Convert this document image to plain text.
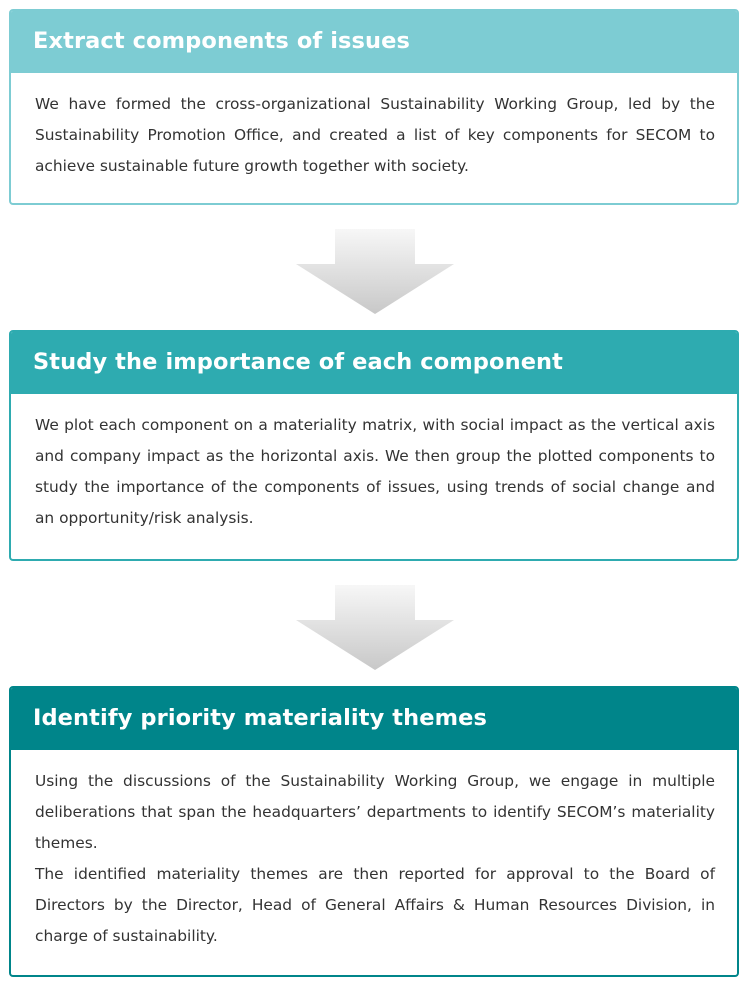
Extract components of issues

We have formed the cross-organizational Sustainability Working Group, led by the Sustainability Promotion Office, and created a list of key components for SECOM to achieve sustainable future growth together with society.

Study the importance of each component

We plot each component on a materiality matrix, with social impact as the vertical axis and company impact as the horizontal axis. We then group the plotted components to study the importance of the components of issues, using trends of social change and an opportunity/risk analysis.

Identify priority materiality themes

Using the discussions of the Sustainability Working Group, we engage in multiple deliberations that span the headquarters’ departments to identify SECOM’s materiality themes.

The identified materiality themes are then reported for approval to the Board of Directors by the Director, Head of General Affairs & Human Resources Division, in charge of sustainability.
